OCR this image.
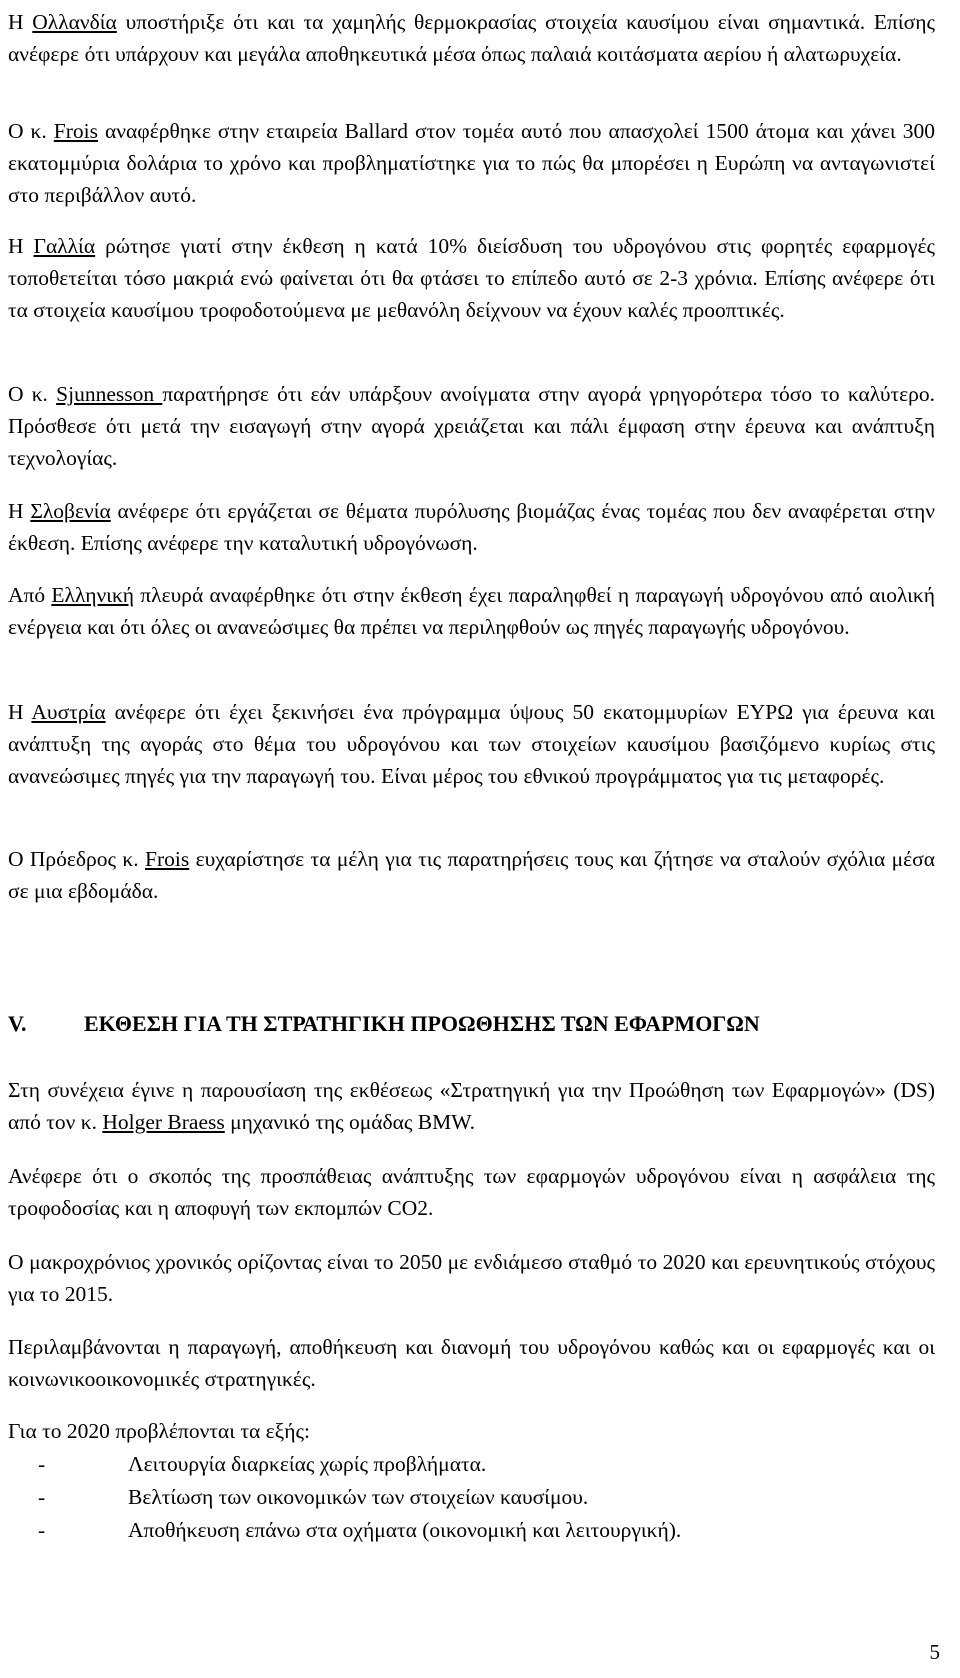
Η Ολλανδία υποστήριξε ότι και τα χαμηλής θερμοκρασίας στοιχεία καυσίμου είναι σημαντικά. Επίσης ανέφερε ότι υπάρχουν και μεγάλα αποθηκευτικά μέσα όπως παλαιά κοιτάσματα αερίου ή αλατωρυχεία.

Ο κ. Frois αναφέρθηκε στην εταιρεία Ballard στον τομέα αυτό που απασχολεί 1500 άτομα και χάνει 300 εκατομμύρια δολάρια το χρόνο και προβληματίστηκε για το πώς θα μπορέσει η Ευρώπη να ανταγωνιστεί στο περιβάλλον αυτό.

Η Γαλλία ρώτησε γιατί στην έκθεση η κατά 10% διείσδυση του υδρογόνου στις φορητές εφαρμογές τοποθετείται τόσο μακριά ενώ φαίνεται ότι θα φτάσει το επίπεδο αυτό σε 2-3 χρόνια. Επίσης ανέφερε ότι τα στοιχεία καυσίμου τροφοδοτούμενα με μεθανόλη δείχνουν να έχουν καλές προοπτικές.

Ο κ. Sjunnesson παρατήρησε ότι εάν υπάρξουν ανοίγματα στην αγορά γρηγορότερα τόσο το καλύτερο. Πρόσθεσε ότι μετά την εισαγωγή στην αγορά χρειάζεται και πάλι έμφαση στην έρευνα και ανάπτυξη τεχνολογίας.

Η Σλοβενία ανέφερε ότι εργάζεται σε θέματα πυρόλυσης βιομάζας ένας τομέας που δεν αναφέρεται στην έκθεση. Επίσης ανέφερε την καταλυτική υδρογόνωση.

Από Ελληνική πλευρά αναφέρθηκε ότι στην έκθεση έχει παραληφθεί η παραγωγή υδρογόνου από αιολική ενέργεια και ότι όλες οι ανανεώσιμες θα πρέπει να περιληφθούν ως πηγές παραγωγής υδρογόνου.

Η Αυστρία ανέφερε ότι έχει ξεκινήσει ένα πρόγραμμα ύψους 50 εκατομμυρίων ΕΥΡΩ για έρευνα και ανάπτυξη της αγοράς στο θέμα του υδρογόνου και των στοιχείων καυσίμου βασιζόμενο κυρίως στις ανανεώσιμες πηγές για την παραγωγή του. Είναι μέρος του εθνικού προγράμματος για τις μεταφορές.

Ο Πρόεδρος κ. Frois ευχαρίστησε τα μέλη για τις παρατηρήσεις τους και ζήτησε να σταλούν σχόλια μέσα σε μια εβδομάδα.

V.	ΕΚΘΕΣΗ ΓΙΑ ΤΗ ΣΤΡΑΤΗΓΙΚΗ ΠΡΟΩΘΗΣΗΣ ΤΩΝ ΕΦΑΡΜΟΓΩΝ

Στη συνέχεια έγινε η παρουσίαση της εκθέσεως «Στρατηγική για την Προώθηση των Εφαρμογών» (DS) από τον κ. Holger Braess μηχανικό της ομάδας BMW.

Ανέφερε ότι ο σκοπός της προσπάθειας ανάπτυξης των εφαρμογών υδρογόνου είναι η ασφάλεια της τροφοδοσίας και η αποφυγή των εκπομπών CO2.

Ο μακροχρόνιος χρονικός ορίζοντας είναι το 2050 με ενδιάμεσο σταθμό το 2020 και ερευνητικούς στόχους για το 2015.

Περιλαμβάνονται η παραγωγή, αποθήκευση και διανομή του υδρογόνου καθώς και οι εφαρμογές και οι κοινωνικοοικονομικές στρατηγικές.

Για το 2020 προβλέπονται τα εξής:

-	Λειτουργία διαρκείας χωρίς προβλήματα.
-	Βελτίωση των οικονομικών των στοιχείων καυσίμου.
-	Αποθήκευση επάνω στα οχήματα (οικονομική και λειτουργική).
5
